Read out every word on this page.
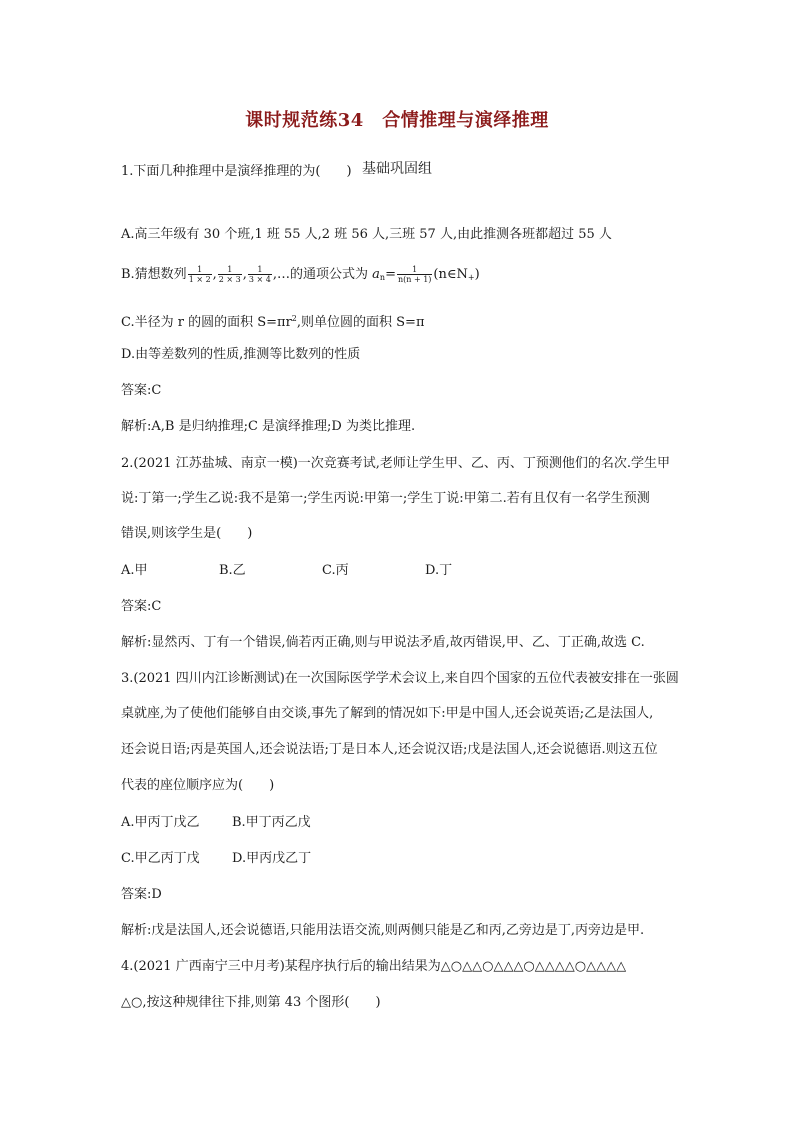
课时规范练34　合情推理与演绎推理
基础巩固组
1.下面几种推理中是演绎推理的为(　　)
A.高三年级有 30 个班,1 班 55 人,2 班 56 人,三班 57 人,由此推测各班都超过 55 人
B.猜想数列 $\frac{1}{1 \times 2}$ , $\frac{1}{2 \times 3}$ , $\frac{1}{3 \times 4}$ ,…的通项公式为 $a_n= \frac{1}{n(n + 1)}$ $(n\in N_+)$
C.半径为 r 的圆的面积 $S=\pi r^2$,则单位圆的面积 S=π
D.由等差数列的性质,推测等比数列的性质
答案:C
解析:A,B 是归纳推理;C 是演绎推理;D 为类比推理.
2.(2021 江苏盐城、南京一模)一次竞赛考试,老师让学生甲、乙、丙、丁预测他们的名次.学生甲
说:丁第一;学生乙说:我不是第一;学生丙说:甲第一;学生丁说:甲第二.若有且仅有一名学生预测
错误,则该学生是(　　)
A.甲	B.乙	C.丙	D.丁
答案:C
解析:显然丙、丁有一个错误,倘若丙正确,则与甲说法矛盾,故丙错误,甲、乙、丁正确,故选 C.
3.(2021 四川内江诊断测试)在一次国际医学学术会议上,来自四个国家的五位代表被安排在一张圆
桌就座,为了使他们能够自由交谈,事先了解到的情况如下:甲是中国人,还会说英语;乙是法国人,
还会说日语;丙是英国人,还会说法语;丁是日本人,还会说汉语;戊是法国人,还会说德语.则这五位
代表的座位顺序应为(　　)
A.甲丙丁戊乙 B.甲丁丙乙戊
C.甲乙丙丁戊 D.甲丙戊乙丁
答案:D
解析:戊是法国人,还会说德语,只能用法语交流,则两侧只能是乙和丙,乙旁边是丁,丙旁边是甲.
4.(2021 广西南宁三中月考)某程序执行后的输出结果为△○△△○△△△○△△△△○△△△△
△○,按这种规律往下排,则第 43 个图形(　　)
